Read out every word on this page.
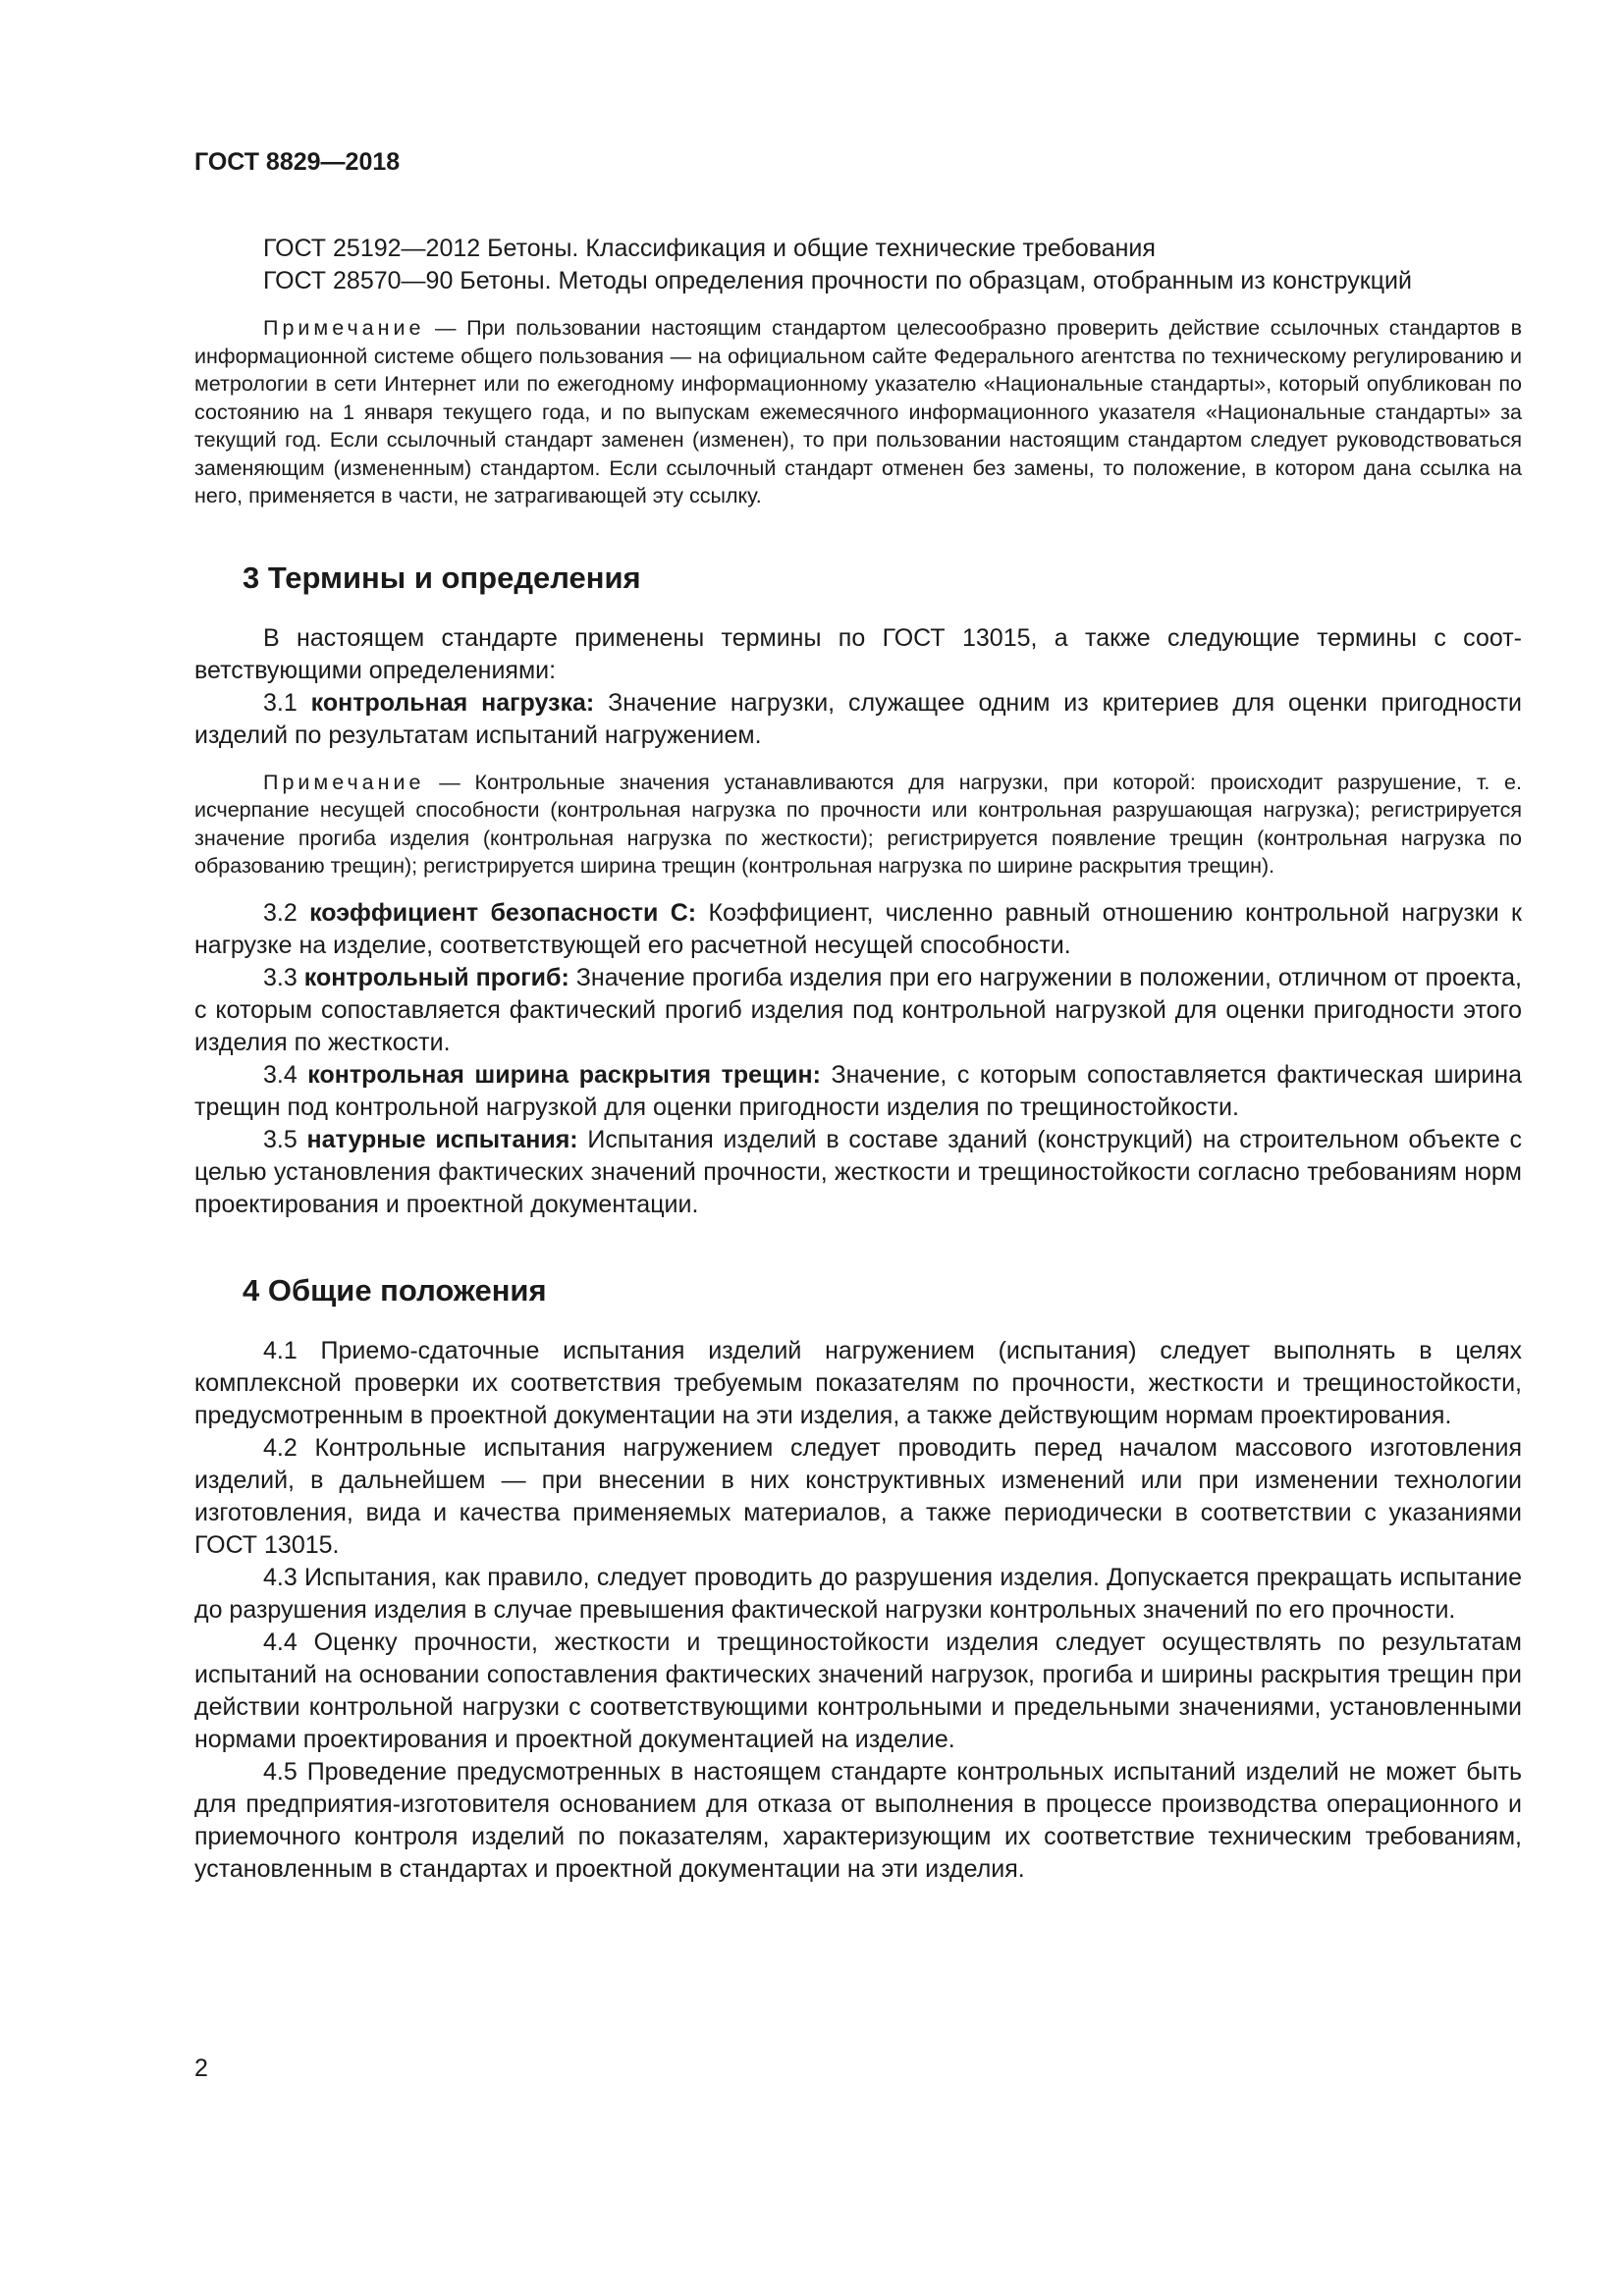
ГОСТ 8829—2018

ГОСТ 25192—2012 Бетоны. Классификация и общие технические требования

ГОСТ 28570—90 Бетоны. Методы определения прочности по образцам, отобранным из конструкций

Примечание — При пользовании настоящим стандартом целесообразно проверить действие ссылочных стандартов в информационной системе общего пользования — на официальном сайте Федерального агентства по техническому регулированию и метрологии в сети Интернет или по ежегодному информационному указателю «Национальные стандарты», который опубликован по состоянию на 1 января текущего года, и по выпускам ежемесячного информационного указателя «Национальные стандарты» за текущий год. Если ссылочный стандарт заменен (изменен), то при пользовании настоящим стандартом следует руководствоваться заменяющим (измененным) стандартом. Если ссылочный стандарт отменен без замены, то положение, в котором дана ссылка на него, применяется в части, не затрагивающей эту ссылку.

3 Термины и определения

В настоящем стандарте применены термины по ГОСТ 13015, а также следующие термины с соответствующими определениями:

3.1 контрольная нагрузка: Значение нагрузки, служащее одним из критериев для оценки пригодности изделий по результатам испытаний нагружением.

Примечание — Контрольные значения устанавливаются для нагрузки, при которой: происходит разрушение, т. е. исчерпание несущей способности (контрольная нагрузка по прочности или контрольная разрушающая нагрузка); регистрируется значение прогиба изделия (контрольная нагрузка по жесткости); регистрируется появление трещин (контрольная нагрузка по образованию трещин); регистрируется ширина трещин (контрольная нагрузка по ширине раскрытия трещин).

3.2 коэффициент безопасности C: Коэффициент, численно равный отношению контрольной нагрузки к нагрузке на изделие, соответствующей его расчетной несущей способности.

3.3 контрольный прогиб: Значение прогиба изделия при его нагружении в положении, отличном от проекта, с которым сопоставляется фактический прогиб изделия под контрольной нагрузкой для оценки пригодности этого изделия по жесткости.

3.4 контрольная ширина раскрытия трещин: Значение, с которым сопоставляется фактическая ширина трещин под контрольной нагрузкой для оценки пригодности изделия по трещиностойкости.

3.5 натурные испытания: Испытания изделий в составе зданий (конструкций) на строительном объекте с целью установления фактических значений прочности, жесткости и трещиностойкости согласно требованиям норм проектирования и проектной документации.

4 Общие положения

4.1 Приемо-сдаточные испытания изделий нагружением (испытания) следует выполнять в целях комплексной проверки их соответствия требуемым показателям по прочности, жесткости и трещиностойкости, предусмотренным в проектной документации на эти изделия, а также действующим нормам проектирования.

4.2 Контрольные испытания нагружением следует проводить перед началом массового изготовления изделий, в дальнейшем — при внесении в них конструктивных изменений или при изменении технологии изготовления, вида и качества применяемых материалов, а также периодически в соответствии с указаниями ГОСТ 13015.

4.3 Испытания, как правило, следует проводить до разрушения изделия. Допускается прекращать испытание до разрушения изделия в случае превышения фактической нагрузки контрольных значений по его прочности.

4.4 Оценку прочности, жесткости и трещиностойкости изделия следует осуществлять по результатам испытаний на основании сопоставления фактических значений нагрузок, прогиба и ширины раскрытия трещин при действии контрольной нагрузки с соответствующими контрольными и предельными значениями, установленными нормами проектирования и проектной документацией на изделие.

4.5 Проведение предусмотренных в настоящем стандарте контрольных испытаний изделий не может быть для предприятия-изготовителя основанием для отказа от выполнения в процессе производства операционного и приемочного контроля изделий по показателям, характеризующим их соответствие техническим требованиям, установленным в стандартах и проектной документации на эти изделия.

2
